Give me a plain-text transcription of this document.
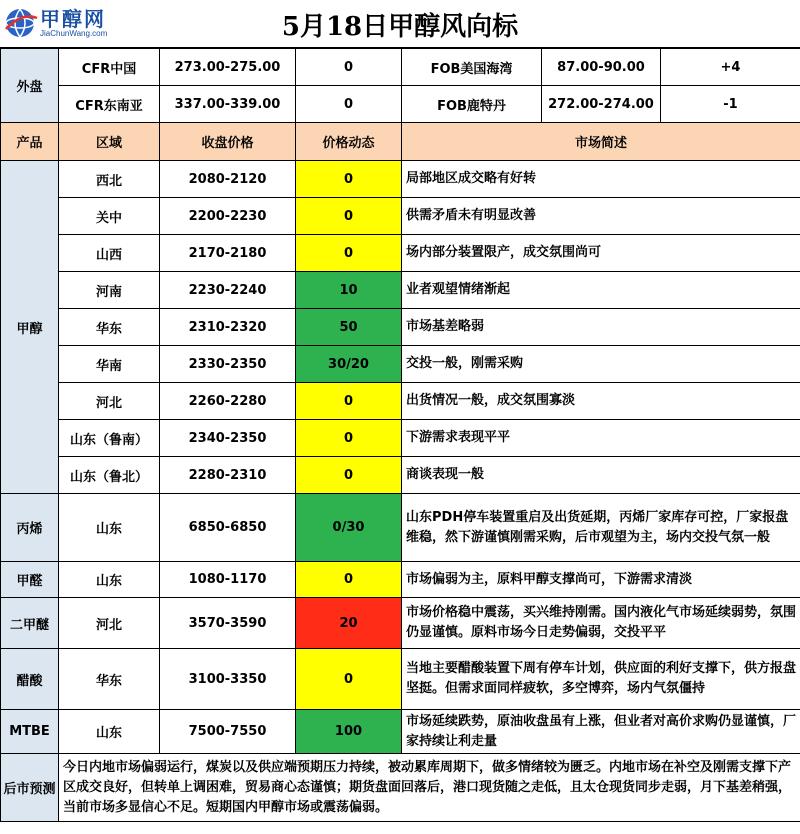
甲醇网
JiaChunWang.com	5月18日甲醇风向标
外盘	CFR中国	273.00-275.00	0	FOB美国海湾	87.00-90.00	+4
	CFR东南亚	337.00-339.00	0	FOB鹿特丹	272.00-274.00	-1
产品	区域	收盘价格	价格动态	市场简述		
甲醇	西北	2080-2120	0	局部地区成交略有好转		
	关中	2200-2230	0	供需矛盾未有明显改善		
	山西	2170-2180	0	场内部分装置限产，成交氛围尚可		
	河南	2230-2240	10	业者观望情绪渐起		
	华东	2310-2320	50	市场基差略弱		
	华南	2330-2350	30/20	交投一般，刚需采购		
	河北	2260-2280	0	出货情况一般，成交氛围寡淡		
	山东（鲁南）	2340-2350	0	下游需求表现平平		
	山东（鲁北）	2280-2310	0	商谈表现一般		
丙烯	山东	6850-6850	0/30	山东PDH停车装置重启及出货延期，丙烯厂家库存可控，厂家报盘维稳，然下游谨慎刚需采购，后市观望为主，场内交投气氛一般		
甲醛	山东	1080-1170	0	市场偏弱为主，原料甲醇支撑尚可，下游需求清淡		
二甲醚	河北	3570-3590	20	市场价格稳中震荡，买兴维持刚需。国内液化气市场延续弱势，氛围仍显谨慎。原料市场今日走势偏弱，交投平平		
醋酸	华东	3100-3350	0	当地主要醋酸装置下周有停车计划，供应面的利好支撑下，供方报盘坚挺。但需求面同样疲软，多空博弈，场内气氛僵持		
MTBE	山东	7500-7550	100	市场延续跌势，原油收盘虽有上涨，但业者对高价求购仍显谨慎，厂家持续让利走量		
后市预测	今日内地市场偏弱运行，煤炭以及供应端预期压力持续，被动累库周期下，做多情绪较为匮乏。内地市场在补空及刚需支撑下产区成交良好，但转单上调困难，贸易商心态谨慎；期货盘面回落后，港口现货随之走低，且太仓现货同步走弱，月下基差稍强，当前市场多显信心不足。短期国内甲醇市场或震荡偏弱。					
